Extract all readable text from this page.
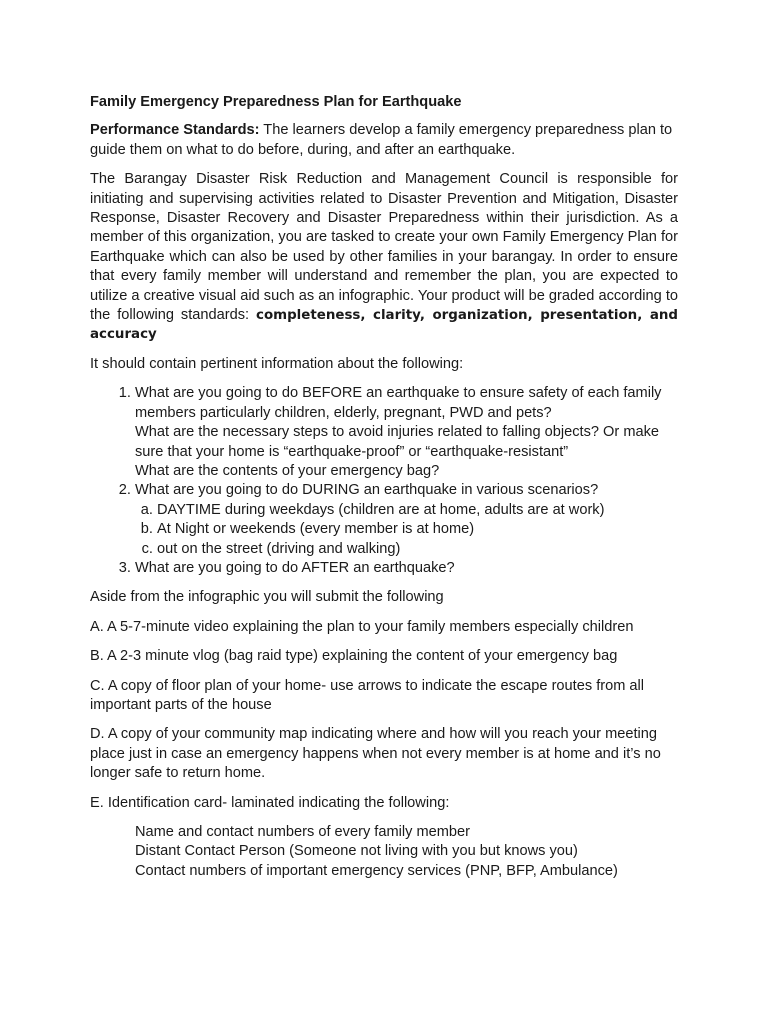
Family Emergency Preparedness Plan for Earthquake

Performance Standards: The learners develop a family emergency preparedness plan to guide them on what to do before, during, and after an earthquake.

The Barangay Disaster Risk Reduction and Management Council is responsible for initiating and supervising activities related to Disaster Prevention and Mitigation, Disaster Response, Disaster Recovery and Disaster Preparedness within their jurisdiction. As a member of this organization, you are tasked to create your own Family Emergency Plan for Earthquake which can also be used by other families in your barangay. In order to ensure that every family member will understand and remember the plan, you are expected to utilize a creative visual aid such as an infographic. Your product will be graded according to the following standards: completeness, clarity, organization, presentation, and accuracy

It should contain pertinent information about the following:

1. What are you going to do BEFORE an earthquake to ensure safety of each family members particularly children, elderly, pregnant, PWD and pets?
What are the necessary steps to avoid injuries related to falling objects? Or make sure that your home is “earthquake-proof” or “earthquake-resistant”
What are the contents of your emergency bag?
2. What are you going to do DURING an earthquake in various scenarios?
a. DAYTIME during weekdays (children are at home, adults are at work)
b. At Night or weekends (every member is at home)
c. out on the street (driving and walking)
3. What are you going to do AFTER an earthquake?

Aside from the infographic you will submit the following

A. A 5-7-minute video explaining the plan to your family members especially children

B. A 2-3 minute vlog (bag raid type) explaining the content of your emergency bag

C. A copy of floor plan of your home- use arrows to indicate the escape routes from all important parts of the house

D. A copy of your community map indicating where and how will you reach your meeting place just in case an emergency happens when not every member is at home and it’s no longer safe to return home.

E. Identification card- laminated indicating the following:

Name and contact numbers of every family member
Distant Contact Person (Someone not living with you but knows you)
Contact numbers of important emergency services (PNP, BFP, Ambulance)
